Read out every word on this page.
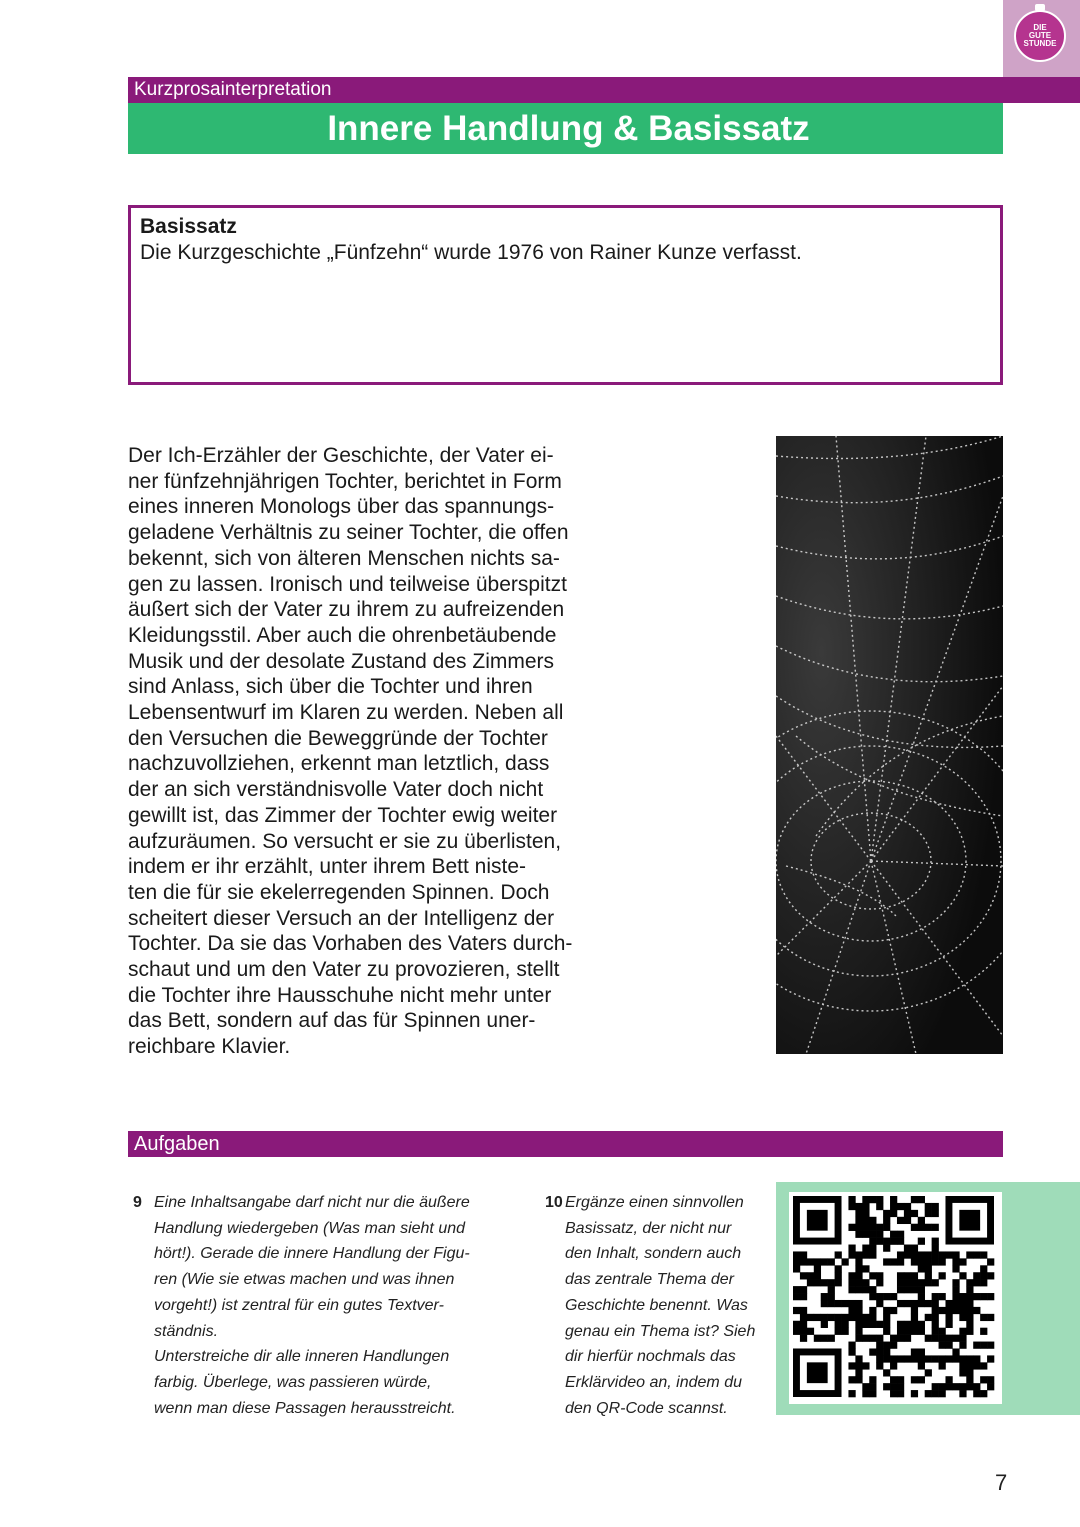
DIE
GUTE
STUNDE
Kurzprosainterpretation
Innere Handlung & Basissatz
Basissatz
Die Kurzgeschichte „Fünfzehn“ wurde 1976 von Rainer Kunze verfasst.
Der Ich-Erzähler der Geschichte, der Vater ei-
ner fünfzehnjährigen Tochter, berichtet in Form
eines inneren Monologs über das spannungs-
geladene Verhältnis zu seiner Tochter, die offen
bekennt, sich von älteren Menschen nichts sa-
gen zu lassen. Ironisch und teilweise überspitzt
äußert sich der Vater zu ihrem zu aufreizenden
Kleidungsstil. Aber auch die ohrenbetäubende
Musik und der desolate Zustand des Zimmers
sind Anlass, sich über die Tochter und ihren
Lebensentwurf im Klaren zu werden. Neben all
den Versuchen die Beweggründe der Tochter
nachzuvollziehen, erkennt man letztlich, dass
der an sich verständnisvolle Vater doch nicht
gewillt ist, das Zimmer der Tochter ewig weiter
aufzuräumen. So versucht er sie zu überlisten,
indem er ihr erzählt, unter ihrem Bett niste-
ten die für sie ekelerregenden Spinnen. Doch
scheitert dieser Versuch an der Intelligenz der
Tochter. Da sie das Vorhaben des Vaters durch-
schaut und um den Vater zu provozieren, stellt
die Tochter ihre Hausschuhe nicht mehr unter
das Bett, sondern auf das für Spinnen uner-
reichbare Klavier.
Aufgaben
9 Eine Inhaltsangabe darf nicht nur die äußere
Handlung wiedergeben (Was man sieht und
hört!). Gerade die innere Handlung der Figu-
ren (Wie sie etwas machen und was ihnen
vorgeht!) ist zentral für ein gutes Textver-
ständnis.
Unterstreiche dir alle inneren Handlungen
farbig. Überlege, was passieren würde,
wenn man diese Passagen herausstreicht.
10 Ergänze einen sinnvollen
Basissatz, der nicht nur
den Inhalt, sondern auch
das zentrale Thema der
Geschichte benennt. Was
genau ein Thema ist? Sieh
dir hierfür nochmals das
Erklärvideo an, indem du
den QR-Code scannst.
7
